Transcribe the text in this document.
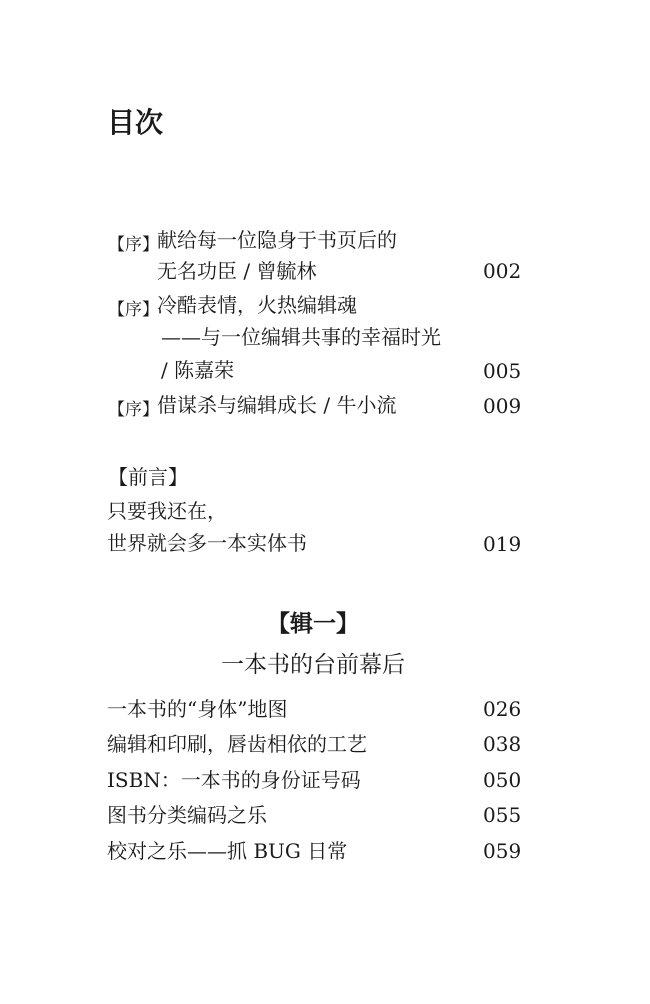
目次
【序】
献给每一位隐身于书页后的
无名功臣 / 曾毓林	002
【序】
冷酷表情，火热编辑魂
——与一位编辑共事的幸福时光
/ 陈嘉荣	005
【序】
借谋杀与编辑成长 / 牛小流	009
【前言】
只要我还在，
世界就会多一本实体书	019
【辑一】
一本书的台前幕后
一本书的“身体”地图	026
编辑和印刷，唇齿相依的工艺	038
ISBN：一本书的身份证号码	050
图书分类编码之乐	055
校对之乐——抓 BUG 日常	059
